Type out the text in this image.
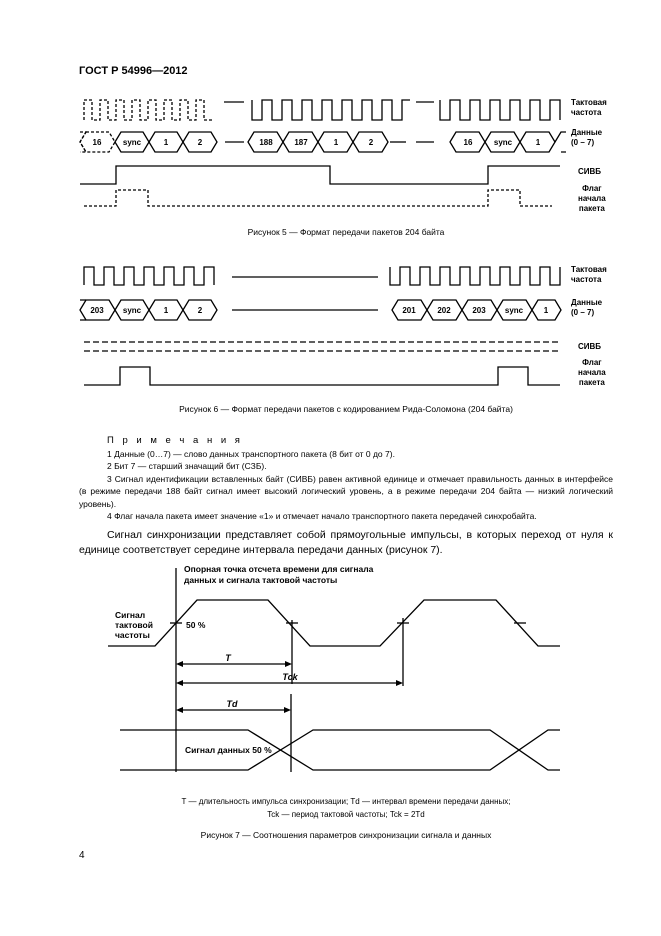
ГОСТ Р 54996—2012
16	sync	1	2	188	187	1	2	16	sync	1
Тактовая
частота
Данные
(0 – 7)
СИВБ
Флаг
начала
пакета
Рисунок 5 — Формат передачи пакетов 204 байта
203 sync	1	2	201	202	203 sync	1
Тактовая
частота
Данные
(0 – 7)
СИВБ
Флаг
начала
пакета
Рисунок 6 — Формат передачи пакетов с кодированием Рида-Соломона (204 байта)

П р и м е ч а н и я

1 Данные (0…7) — слово данных транспортного пакета (8 бит от 0 до 7).

2 Бит 7 — старший значащий бит (СЗБ).

3 Сигнал идентификации вставленных байт (СИВБ) равен активной единице и отмечает правильность данных в интерфейсе (в режиме передачи 188 байт сигнал имеет высокий логический уровень, а в режиме передачи 204 байта — низкий логический уровень).

4 Флаг начала пакета имеет значение «1» и отмечает начало транспортного пакета передачей синхробайта.

Сигнал синхронизации представляет собой прямоугольные импульсы, в которых переход от нуля к единице соответствует середине интервала передачи данных (рисунок 7).
Опорная точка отсчета времени для сигнала
данных и сигнала тактовой частоты
Сигнал
тактовой
частоты
50 %
Сигнал данных 50 %
T
Tck
Td
T — длительность импульса синхронизации; Td — интервал времени передачи данных;
Tck — период тактовой частоты; Tck = 2Td
Рисунок 7 — Соотношения параметров синхронизации сигнала и данных
4
